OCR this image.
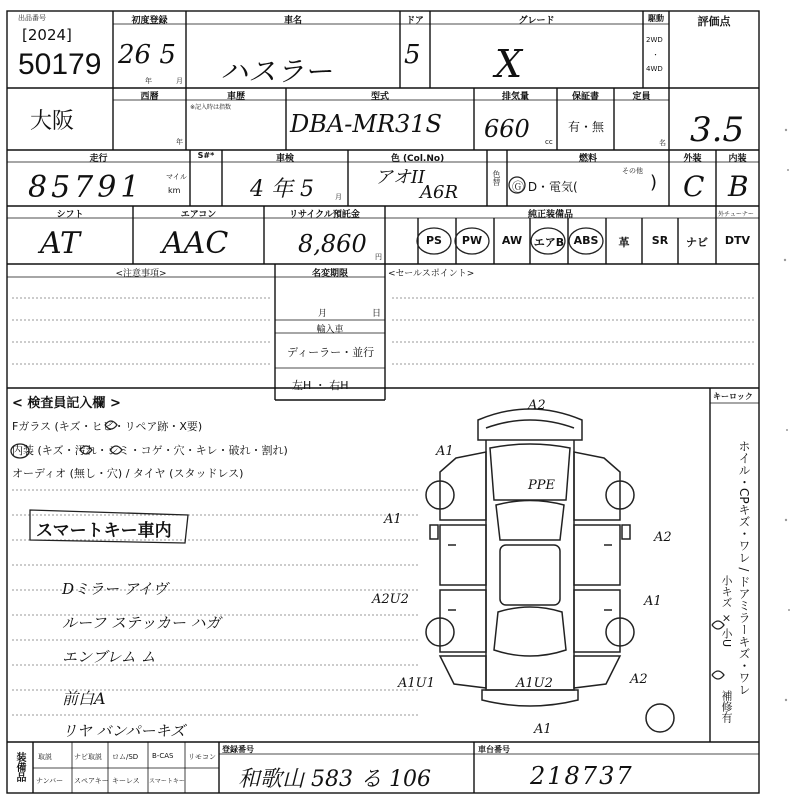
出品番号
[2024]
50179
大阪
初度登録
26 5
年	月
車名
ハスラー
ドア
5
グレード
X
駆動
2WD
・
4WD
評価点
3.5
西暦
年
車歴
※記入時は指数
型式
DBA-MR31S
排気量
660 cc
保証書
有・無
定員
名
走行
85791	マイル
km
S#*	車検
4 年 5	月
色 (Col.No)
アオII
A6R
色替
燃料
Ⓖ D・電気(
その他
)
外装
C
内装
B
シフト
AT
エアコン
AAC
リサイクル預託金
8,860 円
純正装備品	外チューナー
PS	PW	AW	エアB ABS	革	SR	ナビ	DTV
<注意事項>	名変期限
月	日
輸入車
ディーラー・並行
左H ・ 右H
<セールスポイント>
< 検査員記入欄 >
Fガラス (キズ・ヒビ・リペア跡・X要)
内装 (キズ・汚れ・シミ・コゲ・穴・キレ・破れ・割れ)
オーディオ (無し・穴) / タイヤ (スタッドレス)
スマートキー車内
Dミラー アイヴ
ルーフ ステッカー ハガ
エンブレム ム
前白A
リヤ バンパーキズ
キーロック
ホイル・CPキズ・ワレ / ドアミラーキズ・ワレ
小キズ ×
小U
補修有
A2
A1
PPE
A1
A2
A2U2	A1
A1U1	A1U2	A2
A1
装備品 取説	ナビ取説 ロム/SD B-CAS リモコン
ナンバー スペアキー キーレス スマートキー
登録番号
和歌山 583 る 106
車台番号
218737
